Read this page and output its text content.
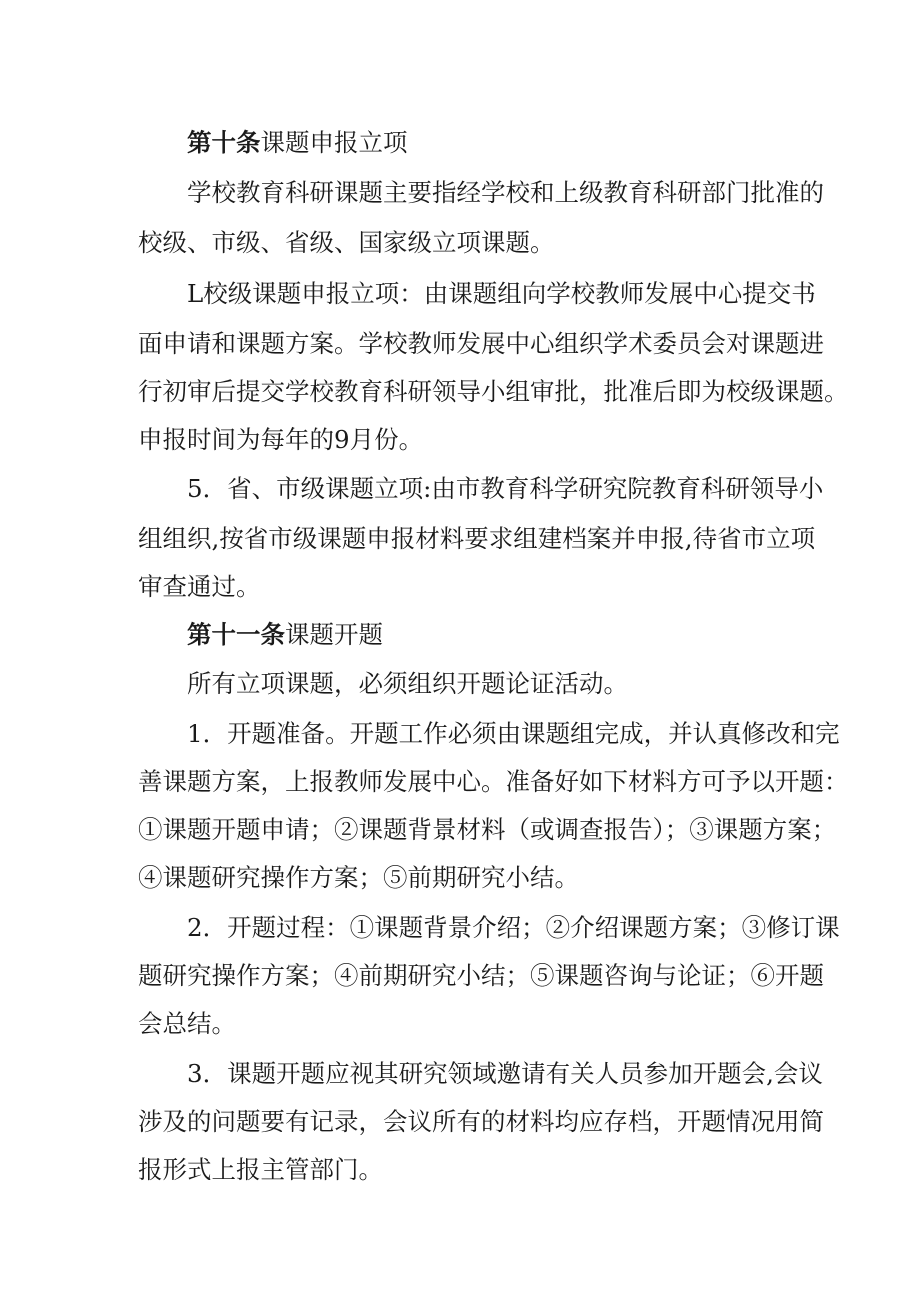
第十条课题申报立项
学校教育科研课题主要指经学校和上级教育科研部门批准的
校级、市级、省级、国家级立项课题。
L校级课题申报立项：由课题组向学校教师发展中心提交书
面申请和课题方案。学校教师发展中心组织学术委员会对课题进
行初审后提交学校教育科研领导小组审批，批准后即为校级课题。
申报时间为每年的9月份。
5．省、市级课题立项:由市教育科学研究院教育科研领导小
组组织,按省市级课题申报材料要求组建档案并申报,待省市立项
审查通过。
第十一条课题开题
所有立项课题，必须组织开题论证活动。
1．开题准备。开题工作必须由课题组完成，并认真修改和完
善课题方案，上报教师发展中心。准备好如下材料方可予以开题：
①课题开题申请；②课题背景材料（或调查报告）；③课题方案；
④课题研究操作方案；⑤前期研究小结。
2．开题过程：①课题背景介绍；②介绍课题方案；③修订课
题研究操作方案；④前期研究小结；⑤课题咨询与论证；⑥开题
会总结。
3．课题开题应视其研究领域邀请有关人员参加开题会,会议
涉及的问题要有记录，会议所有的材料均应存档，开题情况用简
报形式上报主管部门。
